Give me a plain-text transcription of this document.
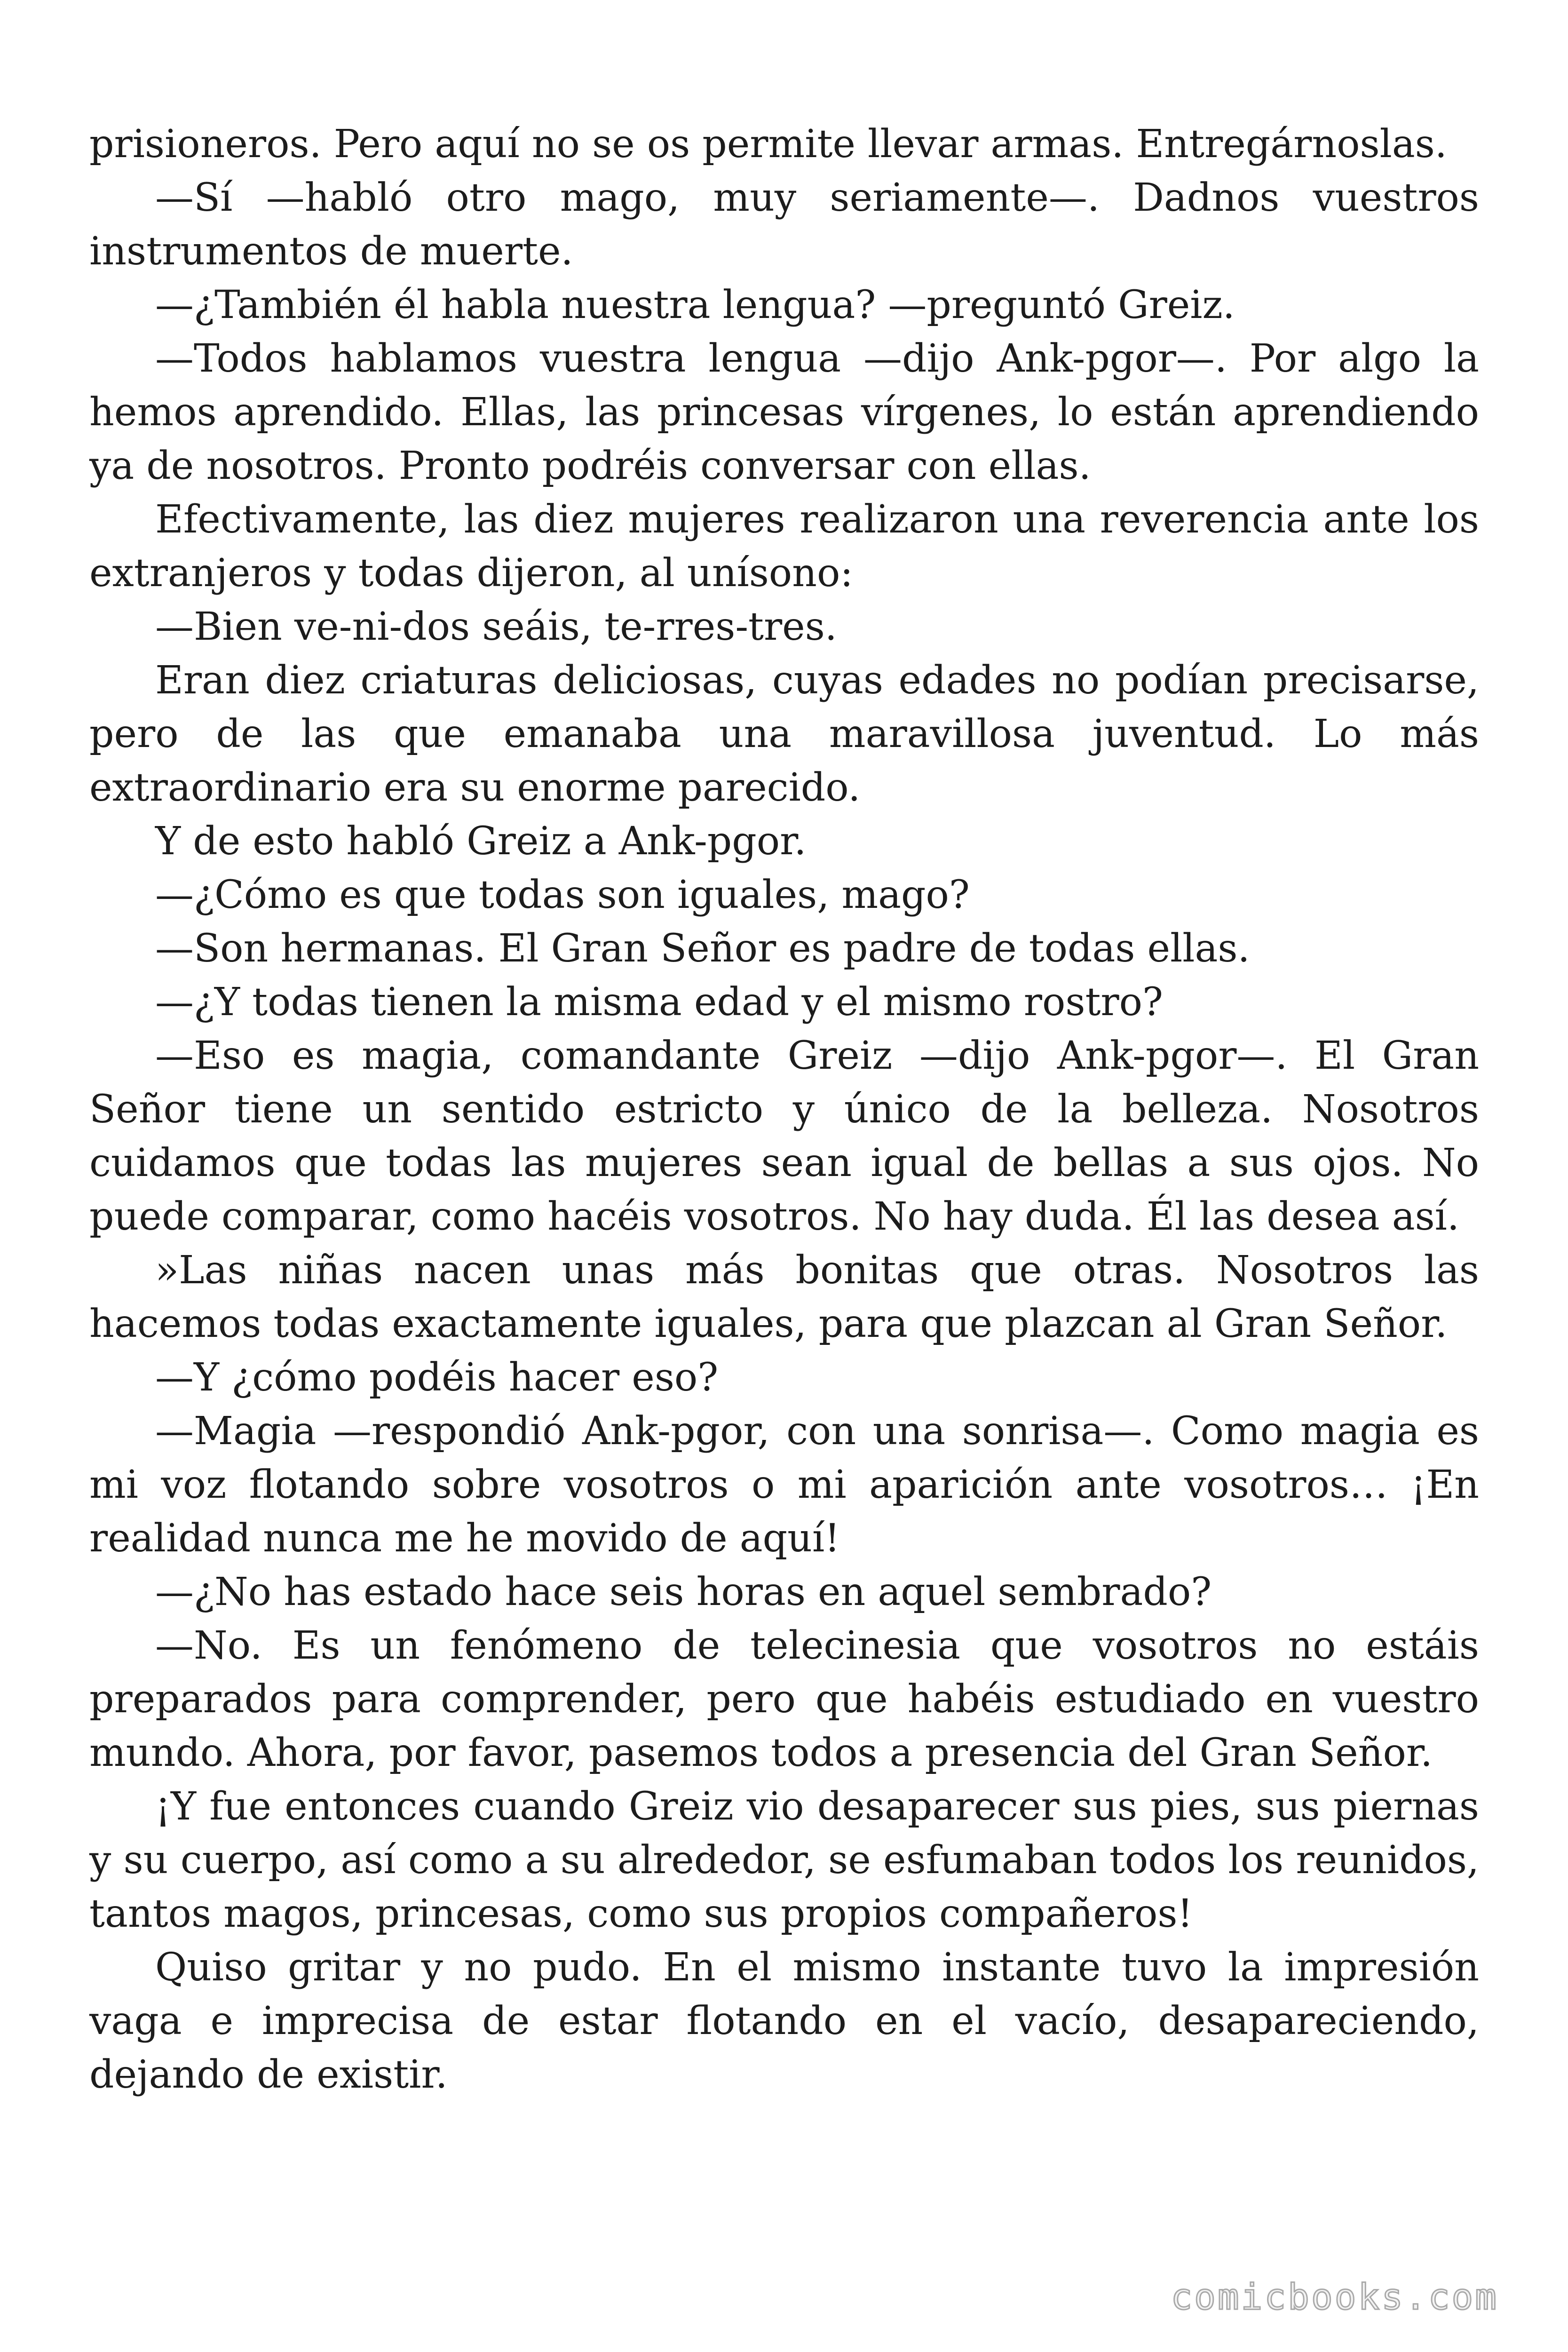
prisioneros. Pero aquí no se os permite llevar armas. Entregárnoslas.

—Sí —habló otro mago, muy seriamente—. Dadnos vuestros instrumentos de muerte.

—¿También él habla nuestra lengua? —preguntó Greiz.

—Todos hablamos vuestra lengua —dijo Ank-pgor—. Por algo la hemos aprendido. Ellas, las princesas vírgenes, lo están aprendiendo ya de nosotros. Pronto podréis conversar con ellas.

Efectivamente, las diez mujeres realizaron una reverencia ante los extranjeros y todas dijeron, al unísono:

—Bien ve-ni-dos seáis, te-rres-tres.

Eran diez criaturas deliciosas, cuyas edades no podían precisarse, pero de las que emanaba una maravillosa juventud. Lo más extraordinario era su enorme parecido.

Y de esto habló Greiz a Ank-pgor.

—¿Cómo es que todas son iguales, mago?

—Son hermanas. El Gran Señor es padre de todas ellas.

—¿Y todas tienen la misma edad y el mismo rostro?

—Eso es magia, comandante Greiz —dijo Ank-pgor—. El Gran Señor tiene un sentido estricto y único de la belleza. Nosotros cuidamos que todas las mujeres sean igual de bellas a sus ojos. No puede comparar, como hacéis vosotros. No hay duda. Él las desea así.

»Las niñas nacen unas más bonitas que otras. Nosotros las hacemos todas exactamente iguales, para que plazcan al Gran Señor.

—Y ¿cómo podéis hacer eso?

—Magia —respondió Ank-pgor, con una sonrisa—. Como magia es mi voz flotando sobre vosotros o mi aparición ante vosotros… ¡En realidad nunca me he movido de aquí!

—¿No has estado hace seis horas en aquel sembrado?

—No. Es un fenómeno de telecinesia que vosotros no estáis preparados para comprender, pero que habéis estudiado en vuestro mundo. Ahora, por favor, pasemos todos a presencia del Gran Señor.

¡Y fue entonces cuando Greiz vio desaparecer sus pies, sus piernas y su cuerpo, así como a su alrededor, se esfumaban todos los reunidos, tantos magos, princesas, como sus propios compañeros!

Quiso gritar y no pudo. En el mismo instante tuvo la impresión vaga e imprecisa de estar flotando en el vacío, desapareciendo, dejando de existir.

comicbooks.com
